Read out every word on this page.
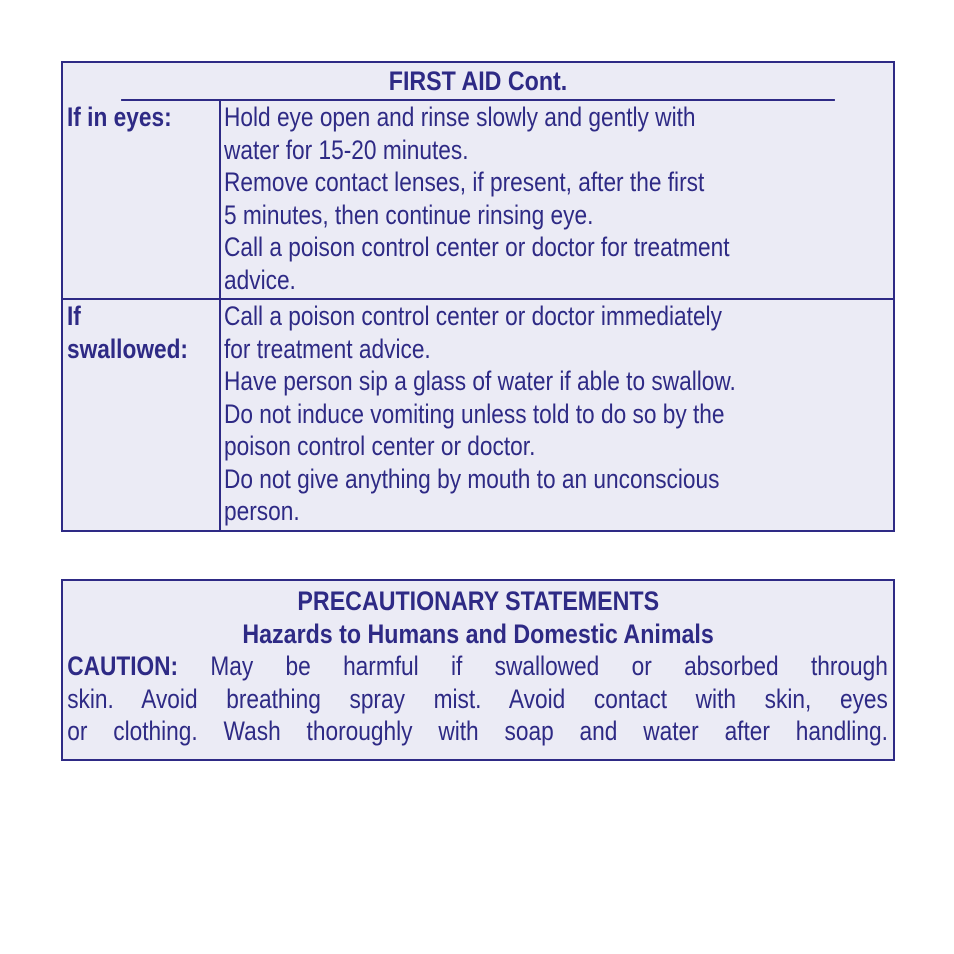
FIRST AID Cont.
If in eyes:	Hold eye open and rinse slowly and gently with
water for 15-20 minutes.
Remove contact lenses, if present, after the first
5 minutes, then continue rinsing eye.
Call a poison control center or doctor for treatment
advice.
If
swallowed:
Call a poison control center or doctor immediately
for treatment advice.
Have person sip a glass of water if able to swallow.
Do not induce vomiting unless told to do so by the
poison control center or doctor.
Do not give anything by mouth to an unconscious
person.
PRECAUTIONARY STATEMENTS
Hazards to Humans and Domestic Animals
CAUTION: May be harmful if swallowed or absorbed through
skin. Avoid breathing spray mist. Avoid contact with skin, eyes
or clothing. Wash thoroughly with soap and water after handling.
